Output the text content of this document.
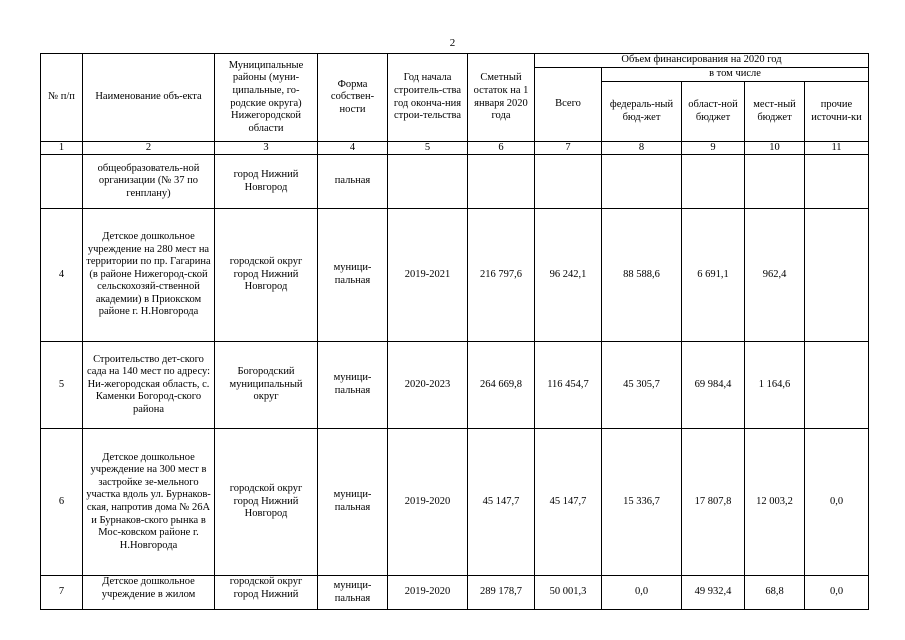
2
№ п/п	Наименование объ-екта	Муниципальные районы (муни-ципальные, го-родские округа) Нижегородской области	Форма собствен-ности	Год начала строитель-ства год оконча-ния строи-тельства	Сметный остаток на 1 января 2020 года	Объем финансирования на 2020 год				
						Всего	в том числе			
							федераль-ный бюд-жет	област-ной бюджет	мест-ный бюджет	прочие источни-ки
1	2	3	4	5	6	7	8	9	10	11
	общеобразователь-ной организации (№ 37 по генплану)	город Нижний Новгород	пальная							
4	Детское дошкольное учреждение на 280 мест на территории по пр. Гагарина (в районе Нижегород-ской сельскохозяй-ственной академии) в Приокском районе г. Н.Новгорода	городской округ город Нижний Новгород	муници-пальная	2019-2021	216 797,6	96 242,1	88 588,6	6 691,1	962,4	
5	Строительство дет-ского сада на 140 мест по адресу: Ни-жегородская область, с. Каменки Богород-ского района	Богородский муниципальный округ	муници-пальная	2020-2023	264 669,8	116 454,7	45 305,7	69 984,4	1 164,6	
6	Детское дошкольное учреждение на 300 мест в застройке зе-мельного участка вдоль ул. Бурнаков-ская, напротив дома № 26А и Бурнаков-ского рынка в Мос-ковском районе г. Н.Новгорода	городской округ город Нижний Новгород	муници-пальная	2019-2020	45 147,7	45 147,7	15 336,7	17 807,8	12 003,2	0,0
7	Детское дошкольное учреждение в жилом	городской округ город Нижний	муници-пальная	2019-2020	289 178,7	50 001,3	0,0	49 932,4	68,8	0,0
